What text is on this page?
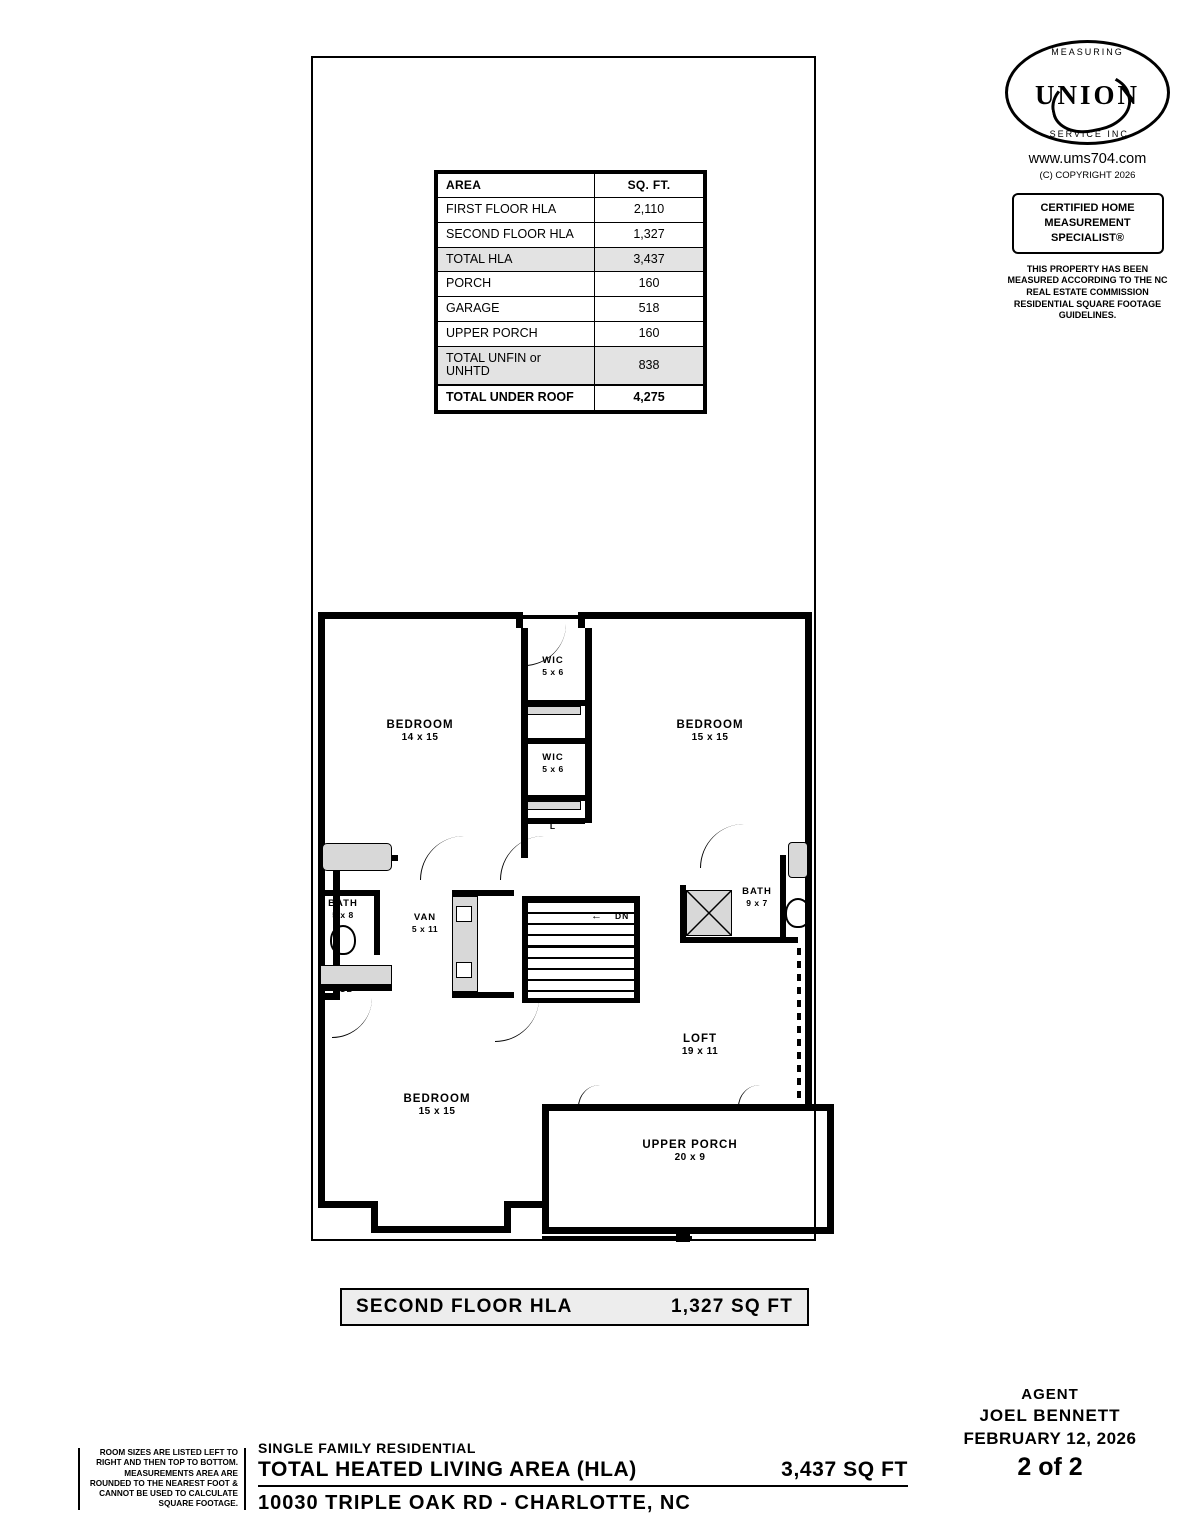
AREA	SQ. FT.
FIRST FLOOR HLA	2,110
SECOND FLOOR HLA	1,327
TOTAL HLA	3,437
PORCH	160
GARAGE	518
UPPER PORCH	160
TOTAL UNFIN or UNHTD	838
TOTAL UNDER ROOF	4,275
MEASURING
UNION
SERVICE INC.
www.ums704.com
(C) COPYRIGHT 2026
CERTIFIED HOME MEASUREMENT SPECIALIST®
THIS PROPERTY HAS BEEN MEASURED ACCORDING TO THE NC REAL ESTATE COMMISSION RESIDENTIAL SQUARE FOOTAGE GUIDELINES.
BEDROOM
14 x 15
BEDROOM
15 x 15
WIC
5 x 6
WIC
5 x 6
L
BATH
5 x 8
CL
VAN
5 x 11
← DN
BATH
9 x 7
LOFT
19 x 11
BEDROOM
15 x 15
UPPER PORCH
20 x 9
SECOND FLOOR HLA	1,327 SQ FT
ROOM SIZES ARE LISTED LEFT TO RIGHT AND THEN TOP TO BOTTOM. MEASUREMENTS AREA ARE ROUNDED TO THE NEAREST FOOT & CANNOT BE USED TO CALCULATE SQUARE FOOTAGE.
SINGLE FAMILY RESIDENTIAL
TOTAL HEATED LIVING AREA (HLA)	3,437 SQ FT
10030 TRIPLE OAK RD - CHARLOTTE, NC
AGENT
JOEL BENNETT
FEBRUARY 12, 2026
2 of 2
